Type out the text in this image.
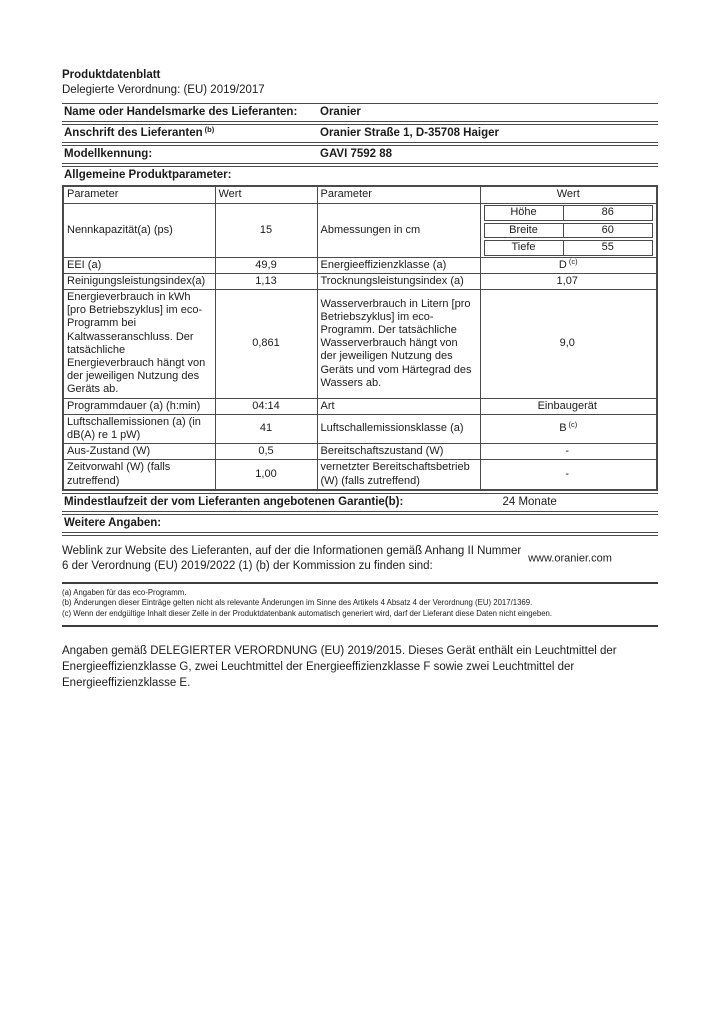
Produktdatenblatt
Delegierte Verordnung: (EU) 2019/2017
Name oder Handelsmarke des Lieferanten:	Oranier
Anschrift des Lieferanten $^{(b)}$	Oranier Straße 1, D-35708 Haiger
Modellkennung:	GAVI 7592 88
Allgemeine Produktparameter:
Parameter	Wert	Parameter	Wert
Nennkapazität(a) (ps)	15	Abmessungen in cm	
Höhe	86
Breite	60
Tiefe	55

EEI (a)	49,9	Energieeffizienzklasse (a)	D $^{(c)}$
Reinigungsleistungsindex(a)	1,13	Trocknungsleistungsindex (a)	1,07
Energieverbrauch in kWh [pro Betriebszyklus] im eco-Programm bei Kaltwasseranschluss. Der tatsächliche Energieverbrauch hängt von der jeweiligen Nutzung des Geräts ab.	0,861	Wasserverbrauch in Litern [pro Betriebszyklus] im eco-Programm. Der tatsächliche Wasserverbrauch hängt von der jeweiligen Nutzung des Geräts und vom Härtegrad des Wassers ab.	9,0
Programmdauer (a) (h:min)	04:14	Art	Einbaugerät
Luftschallemissionen (a) (in dB(A) re 1 pW)	41	Luftschallemissionsklasse (a)	B $^{(c)}$
Aus-Zustand (W)	0,5	Bereitschaftszustand (W)	-
Zeitvorwahl (W) (falls zutreffend)	1,00	vernetzter Bereitschaftsbetrieb (W) (falls zutreffend)	-
Mindestlaufzeit der vom Lieferanten angebotenen Garantie(b):	24 Monate
Weitere Angaben:
Weblink zur Website des Lieferanten, auf der die Informationen gemäß Anhang II Nummer 6 der Verordnung (EU) 2019/2022 (1) (b) der Kommission zu finden sind:
www.oranier.com
(a) Angaben für das eco-Programm.
(b) Änderungen dieser Einträge gelten nicht als relevante Änderungen im Sinne des Artikels 4 Absatz 4 der Verordnung (EU) 2017/1369.
(c) Wenn der endgültige Inhalt dieser Zelle in der Produktdatenbank automatisch generiert wird, darf der Lieferant diese Daten nicht eingeben.
Angaben gemäß DELEGIERTER VERORDNUNG (EU) 2019/2015. Dieses Gerät enthält ein Leuchtmittel der Energieeffizienzklasse G, zwei Leuchtmittel der Energieeffizienzklasse F sowie zwei Leuchtmittel der Energieeffizienzklasse E.
